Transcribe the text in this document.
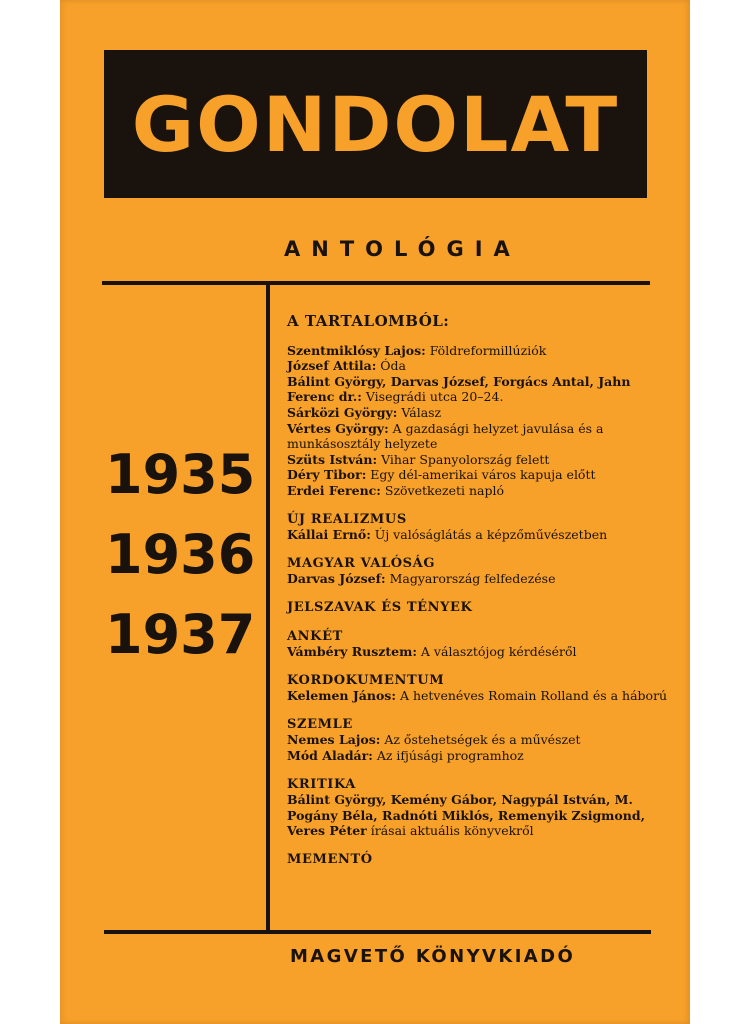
GONDOLAT
ANTOLÓGIA
1935
1936
1937
A TARTALOMBÓL:
Szentmiklósy Lajos: Földreformillúziók
József Attila: Óda
Bálint György, Darvas József, Forgács Antal, Jahn Ferenc dr.: Visegrádi utca 20–24.
Sárközi György: Válasz
Vértes György: A gazdasági helyzet javulása és a munkásosztály helyzete
Szüts István: Vihar Spanyolország felett
Déry Tibor: Egy dél-amerikai város kapuja előtt
Erdei Ferenc: Szövetkezeti napló
ÚJ REALIZMUS
Kállai Ernő: Új valóságlátás a képzőművészetben
MAGYAR VALÓSÁG
Darvas József: Magyarország felfedezése
JELSZAVAK ÉS TÉNYEK
ANKÉT
Vámbéry Rusztem: A választójog kérdéséről
KORDOKUMENTUM
Kelemen János: A hetvenéves Romain Rolland és a háború
SZEMLE
Nemes Lajos: Az őstehetségek és a művészet
Mód Aladár: Az ifjúsági programhoz
KRITIKA
Bálint György, Kemény Gábor, Nagypál István, M. Pogány Béla, Radnóti Miklós, Remenyik Zsigmond, Veres Péter írásai aktuális könyvekről
MEMENTÓ
MAGVETŐ KÖNYVKIADÓ
